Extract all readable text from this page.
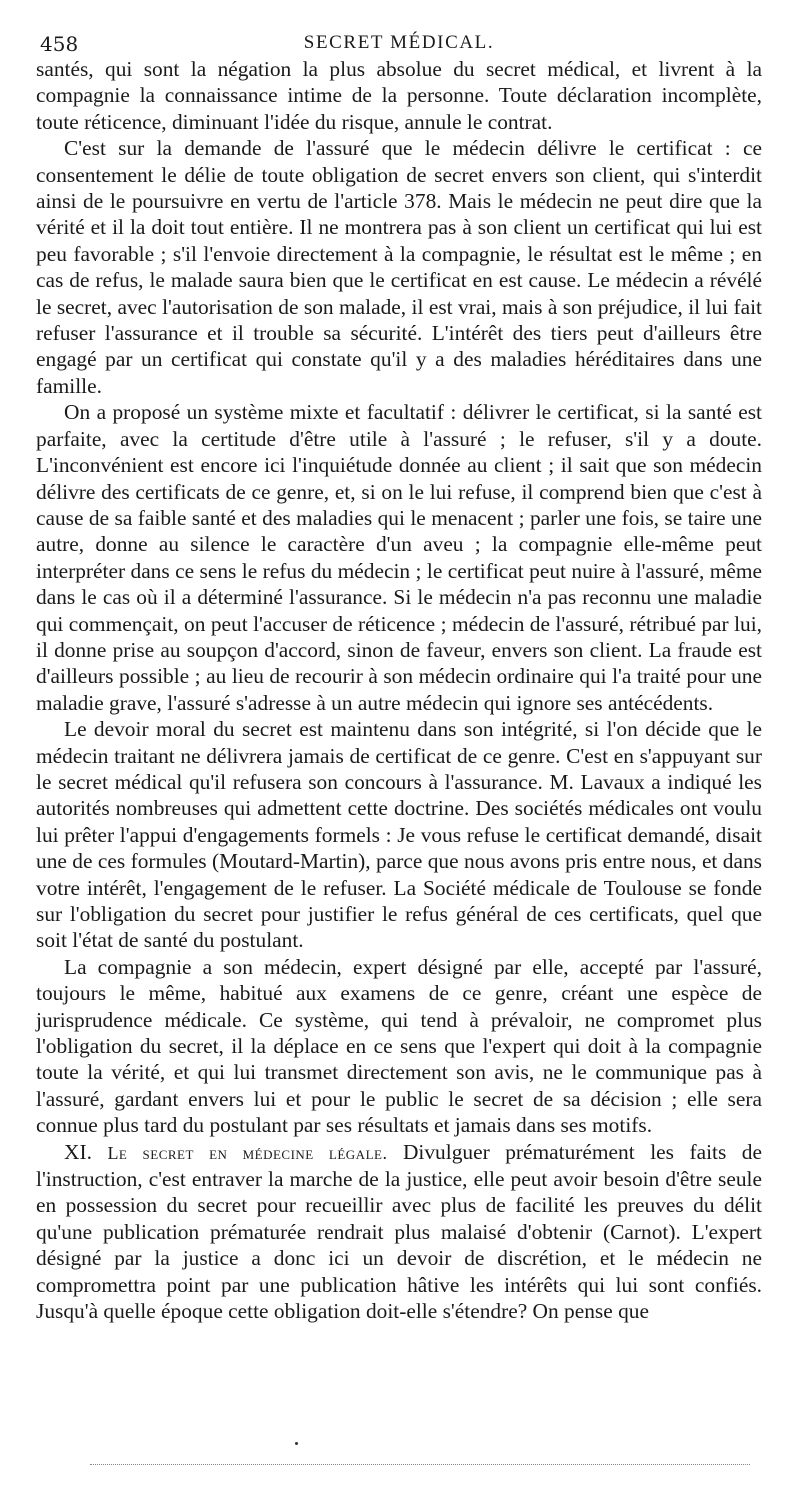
458	SECRET MÉDICAL.

santés, qui sont la négation la plus absolue du secret médical, et livrent à la compagnie la connaissance intime de la personne. Toute déclaration incomplète, toute réticence, diminuant l'idée du risque, annule le contrat.

C'est sur la demande de l'assuré que le médecin délivre le certificat : ce consentement le délie de toute obligation de secret envers son client, qui s'interdit ainsi de le poursuivre en vertu de l'article 378. Mais le médecin ne peut dire que la vérité et il la doit tout entière. Il ne montrera pas à son client un certificat qui lui est peu favorable ; s'il l'envoie directement à la compagnie, le résultat est le même ; en cas de refus, le malade saura bien que le certificat en est cause. Le médecin a révélé le secret, avec l'autorisation de son malade, il est vrai, mais à son préjudice, il lui fait refuser l'assurance et il trouble sa sécurité. L'intérêt des tiers peut d'ailleurs être engagé par un certificat qui constate qu'il y a des maladies héréditaires dans une famille.

On a proposé un système mixte et facultatif : délivrer le certificat, si la santé est parfaite, avec la certitude d'être utile à l'assuré ; le refuser, s'il y a doute. L'inconvénient est encore ici l'inquiétude donnée au client ; il sait que son médecin délivre des certificats de ce genre, et, si on le lui refuse, il comprend bien que c'est à cause de sa faible santé et des maladies qui le menacent ; parler une fois, se taire une autre, donne au silence le caractère d'un aveu ; la compagnie elle-même peut interpréter dans ce sens le refus du médecin ; le certificat peut nuire à l'assuré, même dans le cas où il a déterminé l'assurance. Si le médecin n'a pas reconnu une maladie qui commençait, on peut l'accuser de réticence ; médecin de l'assuré, rétribué par lui, il donne prise au soupçon d'accord, sinon de faveur, envers son client. La fraude est d'ailleurs possible ; au lieu de recourir à son médecin ordinaire qui l'a traité pour une maladie grave, l'assuré s'adresse à un autre médecin qui ignore ses antécédents.

Le devoir moral du secret est maintenu dans son intégrité, si l'on décide que le médecin traitant ne délivrera jamais de certificat de ce genre. C'est en s'appuyant sur le secret médical qu'il refusera son concours à l'assurance. M. Lavaux a indiqué les autorités nombreuses qui admettent cette doctrine. Des sociétés médicales ont voulu lui prêter l'appui d'engagements formels : Je vous refuse le certificat demandé, disait une de ces formules (Moutard-Martin), parce que nous avons pris entre nous, et dans votre intérêt, l'engagement de le refuser. La Société médicale de Toulouse se fonde sur l'obligation du secret pour justifier le refus général de ces certificats, quel que soit l'état de santé du postulant.

La compagnie a son médecin, expert désigné par elle, accepté par l'assuré, toujours le même, habitué aux examens de ce genre, créant une espèce de jurisprudence médicale. Ce système, qui tend à prévaloir, ne compromet plus l'obligation du secret, il la déplace en ce sens que l'expert qui doit à la compagnie toute la vérité, et qui lui transmet directement son avis, ne le communique pas à l'assuré, gardant envers lui et pour le public le secret de sa décision ; elle sera connue plus tard du postulant par ses résultats et jamais dans ses motifs.

XI. Le secret en médecine légale. Divulguer prématurément les faits de l'instruction, c'est entraver la marche de la justice, elle peut avoir besoin d'être seule en possession du secret pour recueillir avec plus de facilité les preuves du délit qu'une publication prématurée rendrait plus malaisé d'obtenir (Carnot). L'expert désigné par la justice a donc ici un devoir de discrétion, et le médecin ne compromettra point par une publication hâtive les intérêts qui lui sont confiés. Jusqu'à quelle époque cette obligation doit-elle s'étendre? On pense que
